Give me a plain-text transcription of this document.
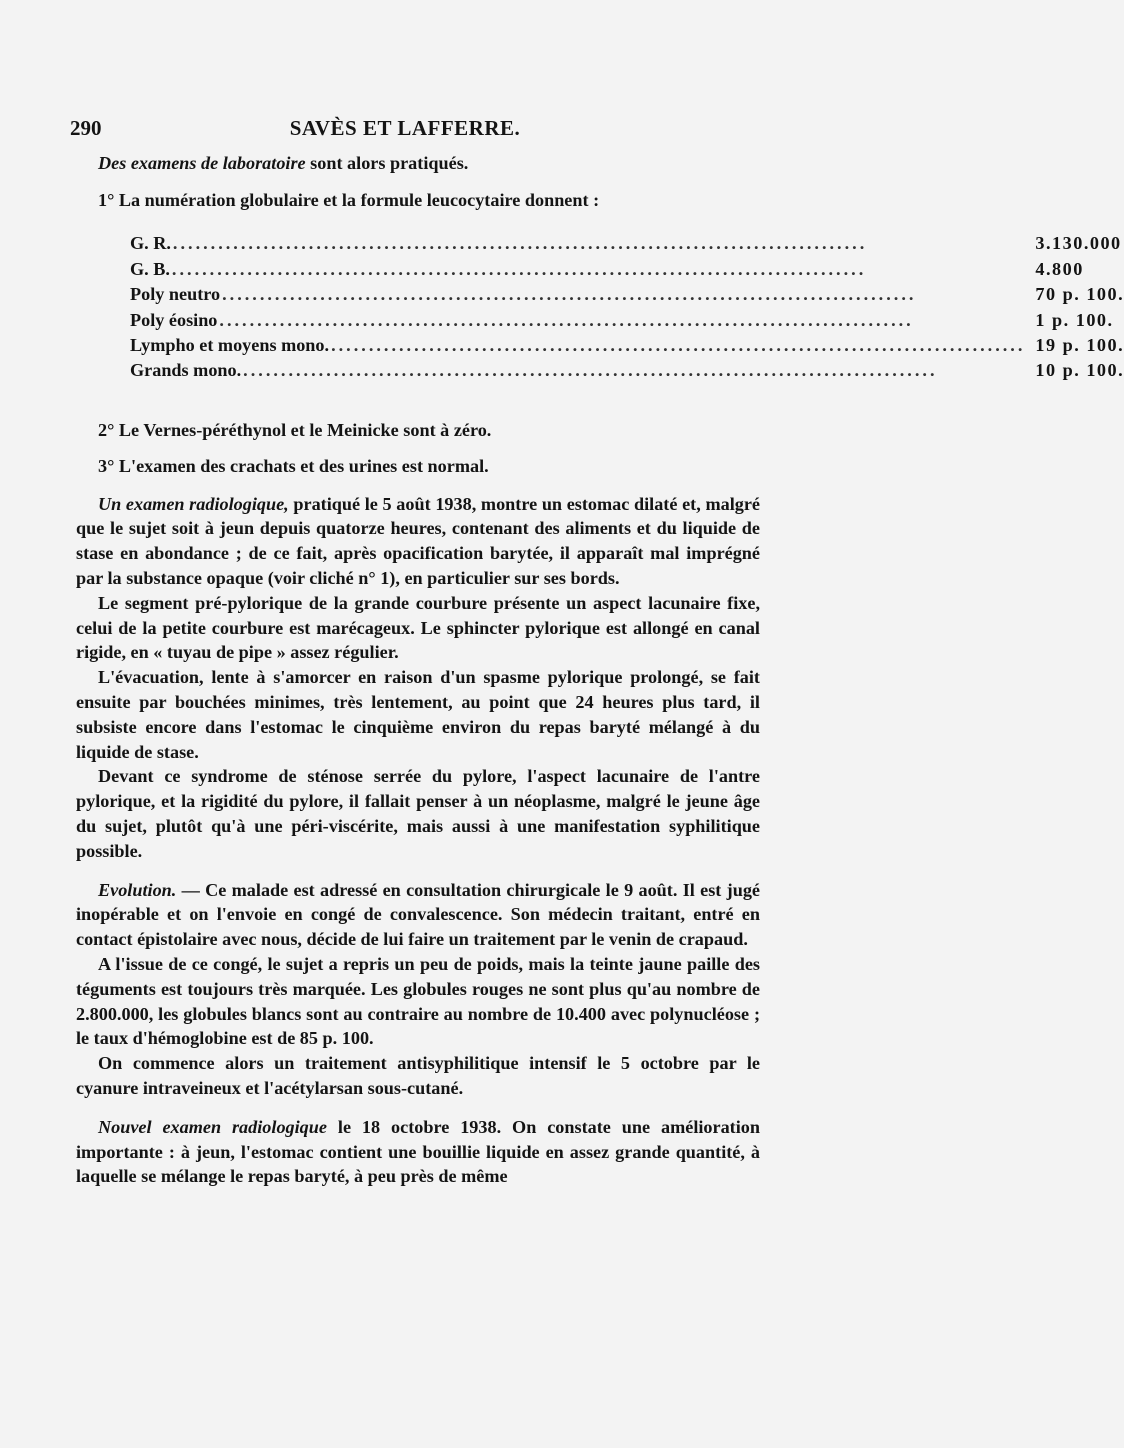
290	SAVÈS ET LAFFERRE.

Des examens de laboratoire sont alors pratiqués.

1° La numération globulaire et la formule leucocytaire donnent :

G. R. ............................................................................................	3.130.000
G. B. ............................................................................................	4.800
Poly neutro ............................................................................................	70 p. 100.
Poly éosino ............................................................................................	1 p. 100.
Lympho et moyens mono. ............................................................................................	19 p. 100.
Grands mono. ............................................................................................	10 p. 100.

2° Le Vernes-péréthynol et le Meinicke sont à zéro.

3° L'examen des crachats et des urines est normal.

Un examen radiologique, pratiqué le 5 août 1938, montre un estomac dilaté et, malgré que le sujet soit à jeun depuis quatorze heures, contenant des aliments et du liquide de stase en abondance ; de ce fait, après opacification barytée, il apparaît mal imprégné par la substance opaque (voir cliché n° 1), en particulier sur ses bords.

Le segment pré-pylorique de la grande courbure présente un aspect lacunaire fixe, celui de la petite courbure est marécageux. Le sphincter pylorique est allongé en canal rigide, en « tuyau de pipe » assez régulier.

L'évacuation, lente à s'amorcer en raison d'un spasme pylorique prolongé, se fait ensuite par bouchées minimes, très lentement, au point que 24 heures plus tard, il subsiste encore dans l'estomac le cinquième environ du repas baryté mélangé à du liquide de stase.

Devant ce syndrome de sténose serrée du pylore, l'aspect lacunaire de l'antre pylorique, et la rigidité du pylore, il fallait penser à un néoplasme, malgré le jeune âge du sujet, plutôt qu'à une péri-viscérite, mais aussi à une manifestation syphilitique possible.

Evolution. — Ce malade est adressé en consultation chirurgicale le 9 août. Il est jugé inopérable et on l'envoie en congé de convalescence. Son médecin traitant, entré en contact épistolaire avec nous, décide de lui faire un traitement par le venin de crapaud.

A l'issue de ce congé, le sujet a repris un peu de poids, mais la teinte jaune paille des téguments est toujours très marquée. Les globules rouges ne sont plus qu'au nombre de 2.800.000, les globules blancs sont au contraire au nombre de 10.400 avec polynucléose ; le taux d'hémoglobine est de 85 p. 100.

On commence alors un traitement antisyphilitique intensif le 5 octobre par le cyanure intraveineux et l'acétylarsan sous-cutané.

Nouvel examen radiologique le 18 octobre 1938. On constate une amélioration importante : à jeun, l'estomac contient une bouillie liquide en assez grande quantité, à laquelle se mélange le repas baryté, à peu près de même
